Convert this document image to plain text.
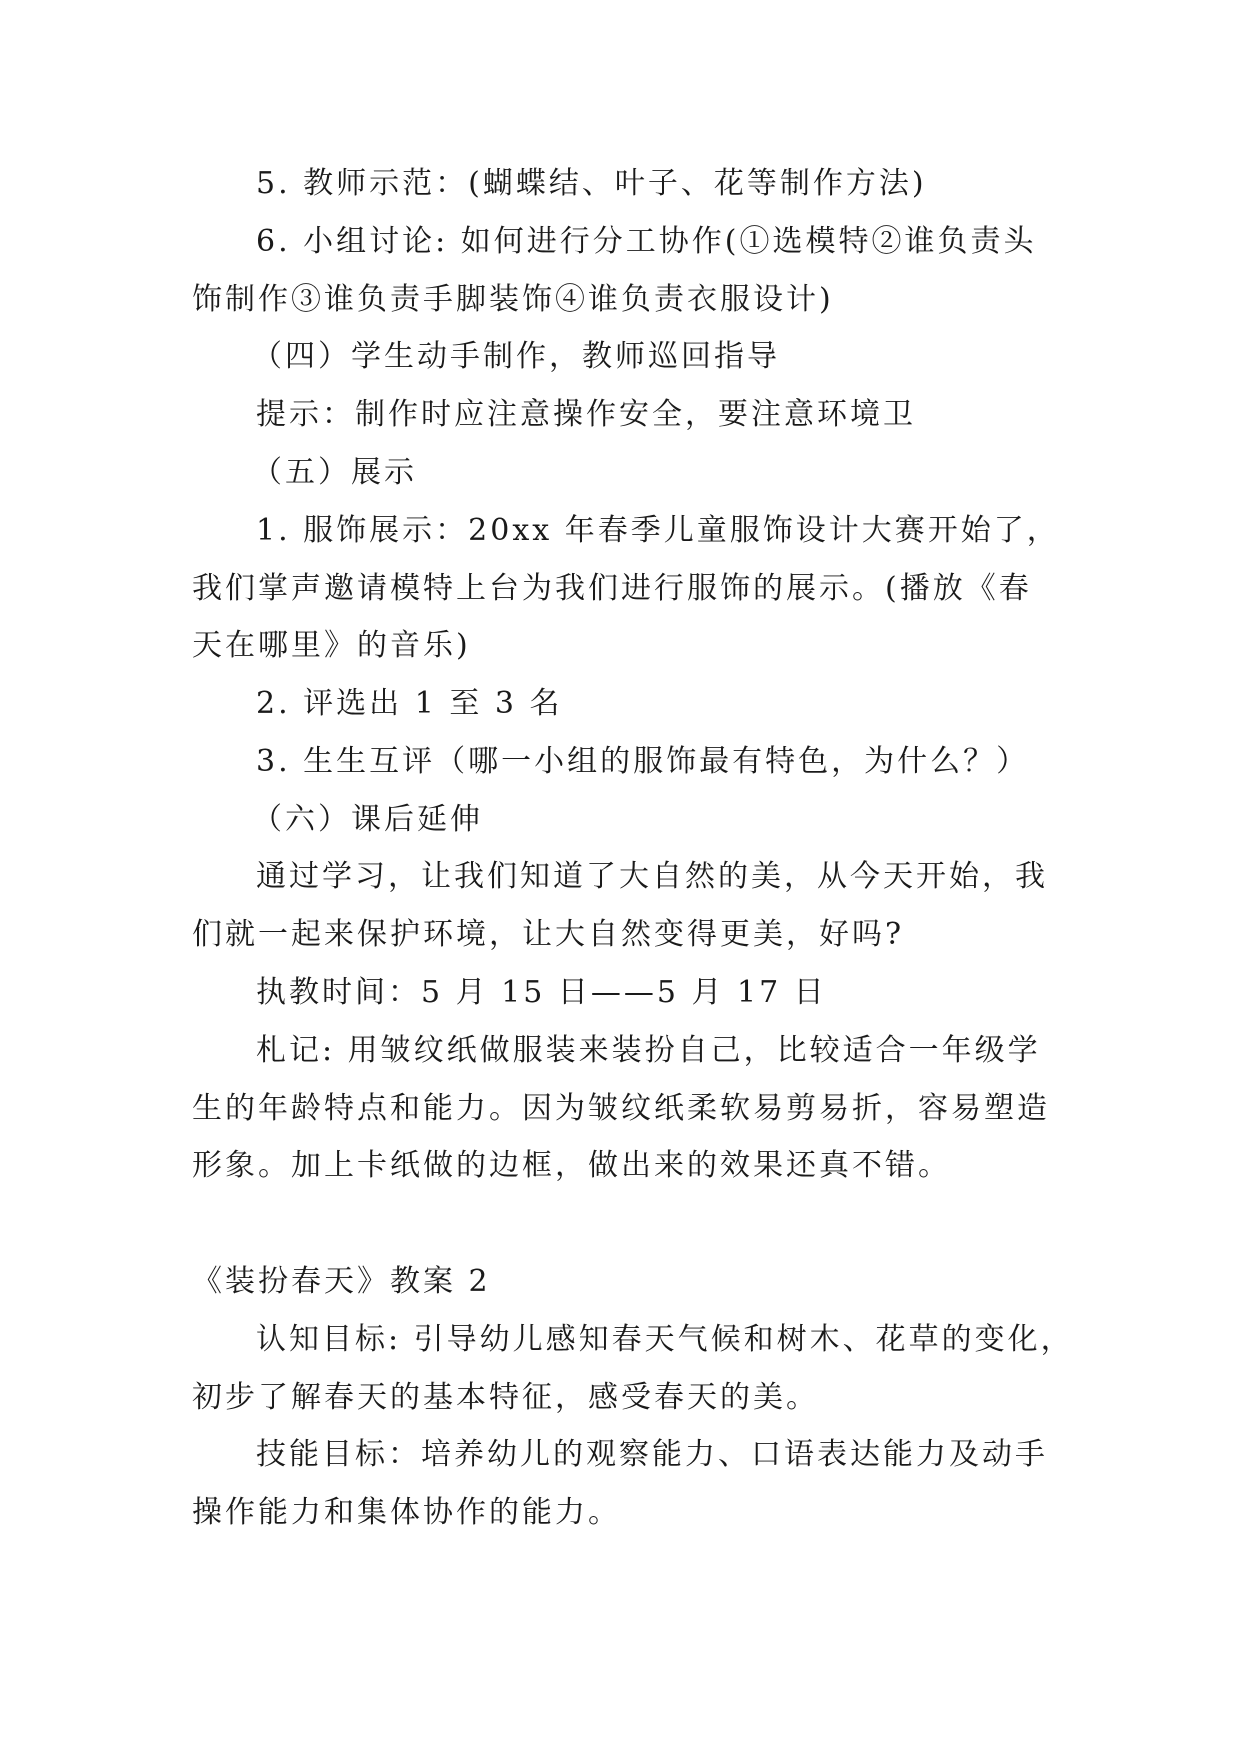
5. 教师示范：(蝴蝶结、叶子、花等制作方法)
6. 小组讨论: 如何进行分工协作(①选模特②谁负责头
饰制作③谁负责手脚装饰④谁负责衣服设计)
（四）学生动手制作，教师巡回指导
提示：制作时应注意操作安全，要注意环境卫
（五）展示
1. 服饰展示：20xx 年春季儿童服饰设计大赛开始了，
我们掌声邀请模特上台为我们进行服饰的展示。(播放《春
天在哪里》的音乐)
2. 评选出 1 至 3 名
3. 生生互评（哪一小组的服饰最有特色，为什么？）
（六）课后延伸
通过学习，让我们知道了大自然的美，从今天开始，我
们就一起来保护环境，让大自然变得更美，好吗?
执教时间：5 月 15 日——5 月 17 日
札记: 用皱纹纸做服装来装扮自己，比较适合一年级学
生的年龄特点和能力。因为皱纹纸柔软易剪易折，容易塑造
形象。加上卡纸做的边框，做出来的效果还真不错。
《装扮春天》教案 2
认知目标: 引导幼儿感知春天气候和树木、花草的变化，
初步了解春天的基本特征，感受春天的美。
技能目标：培养幼儿的观察能力、口语表达能力及动手
操作能力和集体协作的能力。
